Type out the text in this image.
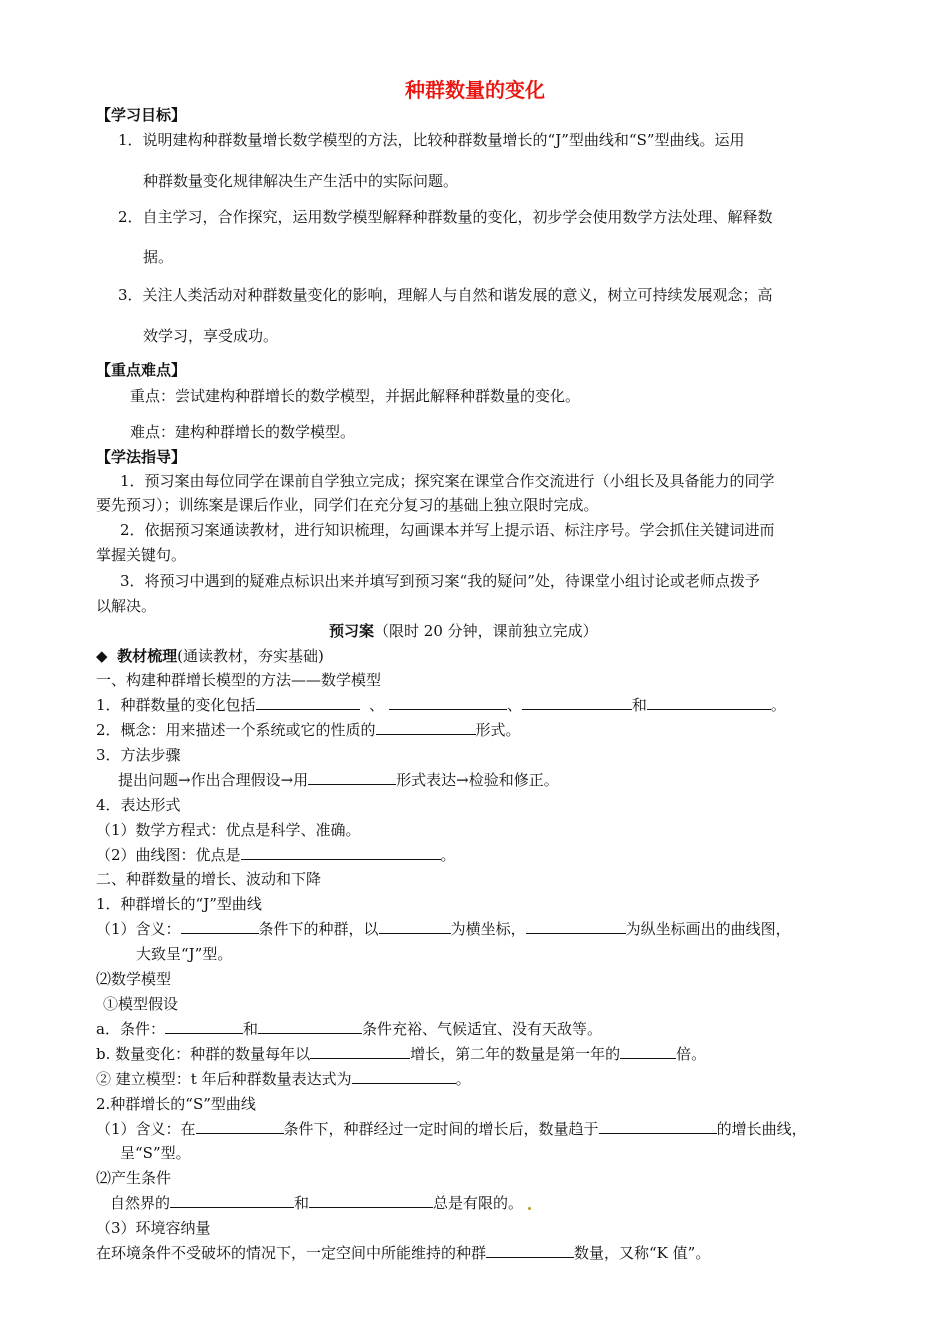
种群数量的变化
【学习目标】
1．说明建构种群数量增长数学模型的方法，比较种群数量增长的“J”型曲线和“S”型曲线。运用
种群数量变化规律解决生产生活中的实际问题。
2．自主学习，合作探究，运用数学模型解释种群数量的变化，初步学会使用数学方法处理、解释数
据。
3．关注人类活动对种群数量变化的影响，理解人与自然和谐发展的意义，树立可持续发展观念；高
效学习，享受成功。
【重点难点】
重点：尝试建构种群增长的数学模型，并据此解释种群数量的变化。
难点：建构种群增长的数学模型。
【学法指导】
1．预习案由每位同学在课前自学独立完成；探究案在课堂合作交流进行（小组长及具备能力的同学
要先预习）；训练案是课后作业，同学们在充分复习的基础上独立限时完成。
2．依据预习案通读教材，进行知识梳理，勾画课本并写上提示语、标注序号。学会抓住关键词进而
掌握关键句。
3．将预习中遇到的疑难点标识出来并填写到预习案“我的疑问”处，待课堂小组讨论或老师点拨予
以解决。
预习案（限时 20 分钟，课前独立完成）
◆ 教材梳理(通读教材，夯实基础)
一、构建种群增长模型的方法——数学模型
1．种群数量的变化包括	、	、	和	。
2．概念：用来描述一个系统或它的性质的	形式。
3．方法步骤
提出问题→作出合理假设→用	形式表达→检验和修正。
4．表达形式
（1）数学方程式：优点是科学、准确。
（2）曲线图：优点是	。
二、种群数量的增长、波动和下降
1．种群增长的“J”型曲线
（1）含义：	条件下的种群，以	为横坐标，	为纵坐标画出的曲线图，
大致呈“J”型。
⑵数学模型
①模型假设
a．条件：	和	条件充裕、气候适宜、没有天敌等。
b. 数量变化：种群的数量每年以	增长，第二年的数量是第一年的	倍。
② 建立模型：t 年后种群数量表达式为	。
2.种群增长的“S”型曲线
（1）含义：在	条件下，种群经过一定时间的增长后，数量趋于	的增长曲线，
呈“S”型。
⑵产生条件
自然界的	和	总是有限的。
（3）环境容纳量
在环境条件不受破坏的情况下，一定空间中所能维持的种群	数量，又称“K 值”。
